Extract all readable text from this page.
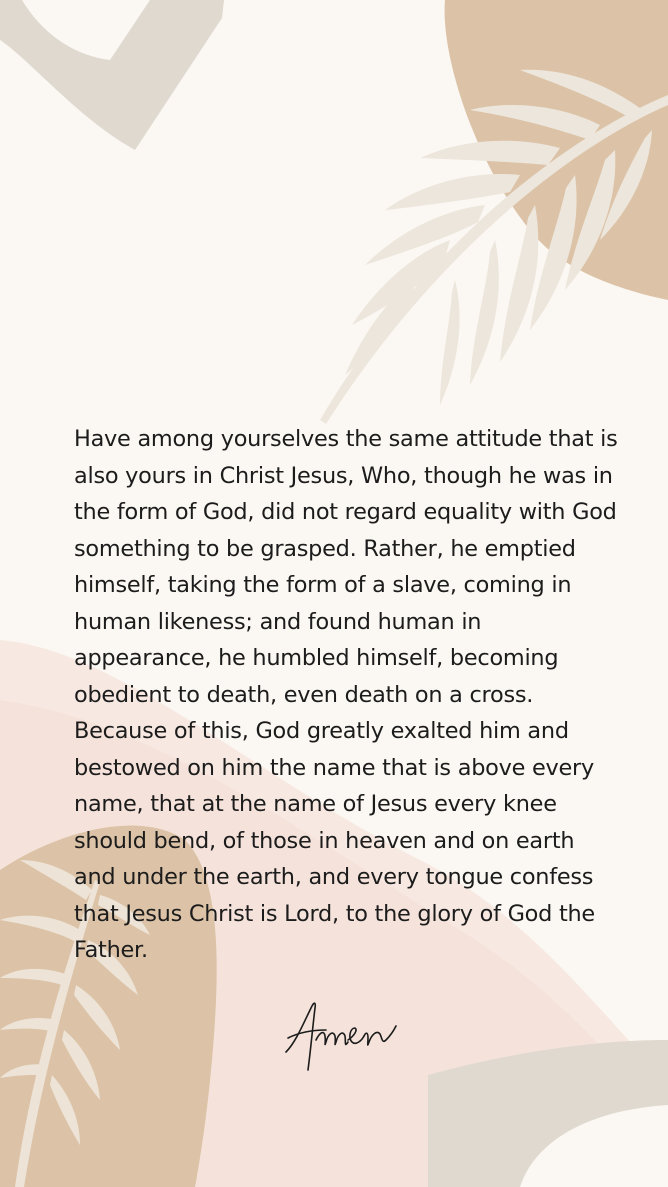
Have among yourselves the same attitude that is also yours in Christ Jesus, Who, though he was in the form of God, did not regard equality with God something to be grasped. Rather, he emptied himself, taking the form of a slave, coming in human likeness; and found human in appearance, he humbled himself, becoming obedient to death, even death on a cross.

Because of this, God greatly exalted him and bestowed on him the name that is above every name, that at the name of Jesus every knee should bend, of those in heaven and on earth and under the earth, and every tongue confess that Jesus Christ is Lord, to the glory of God the Father.
